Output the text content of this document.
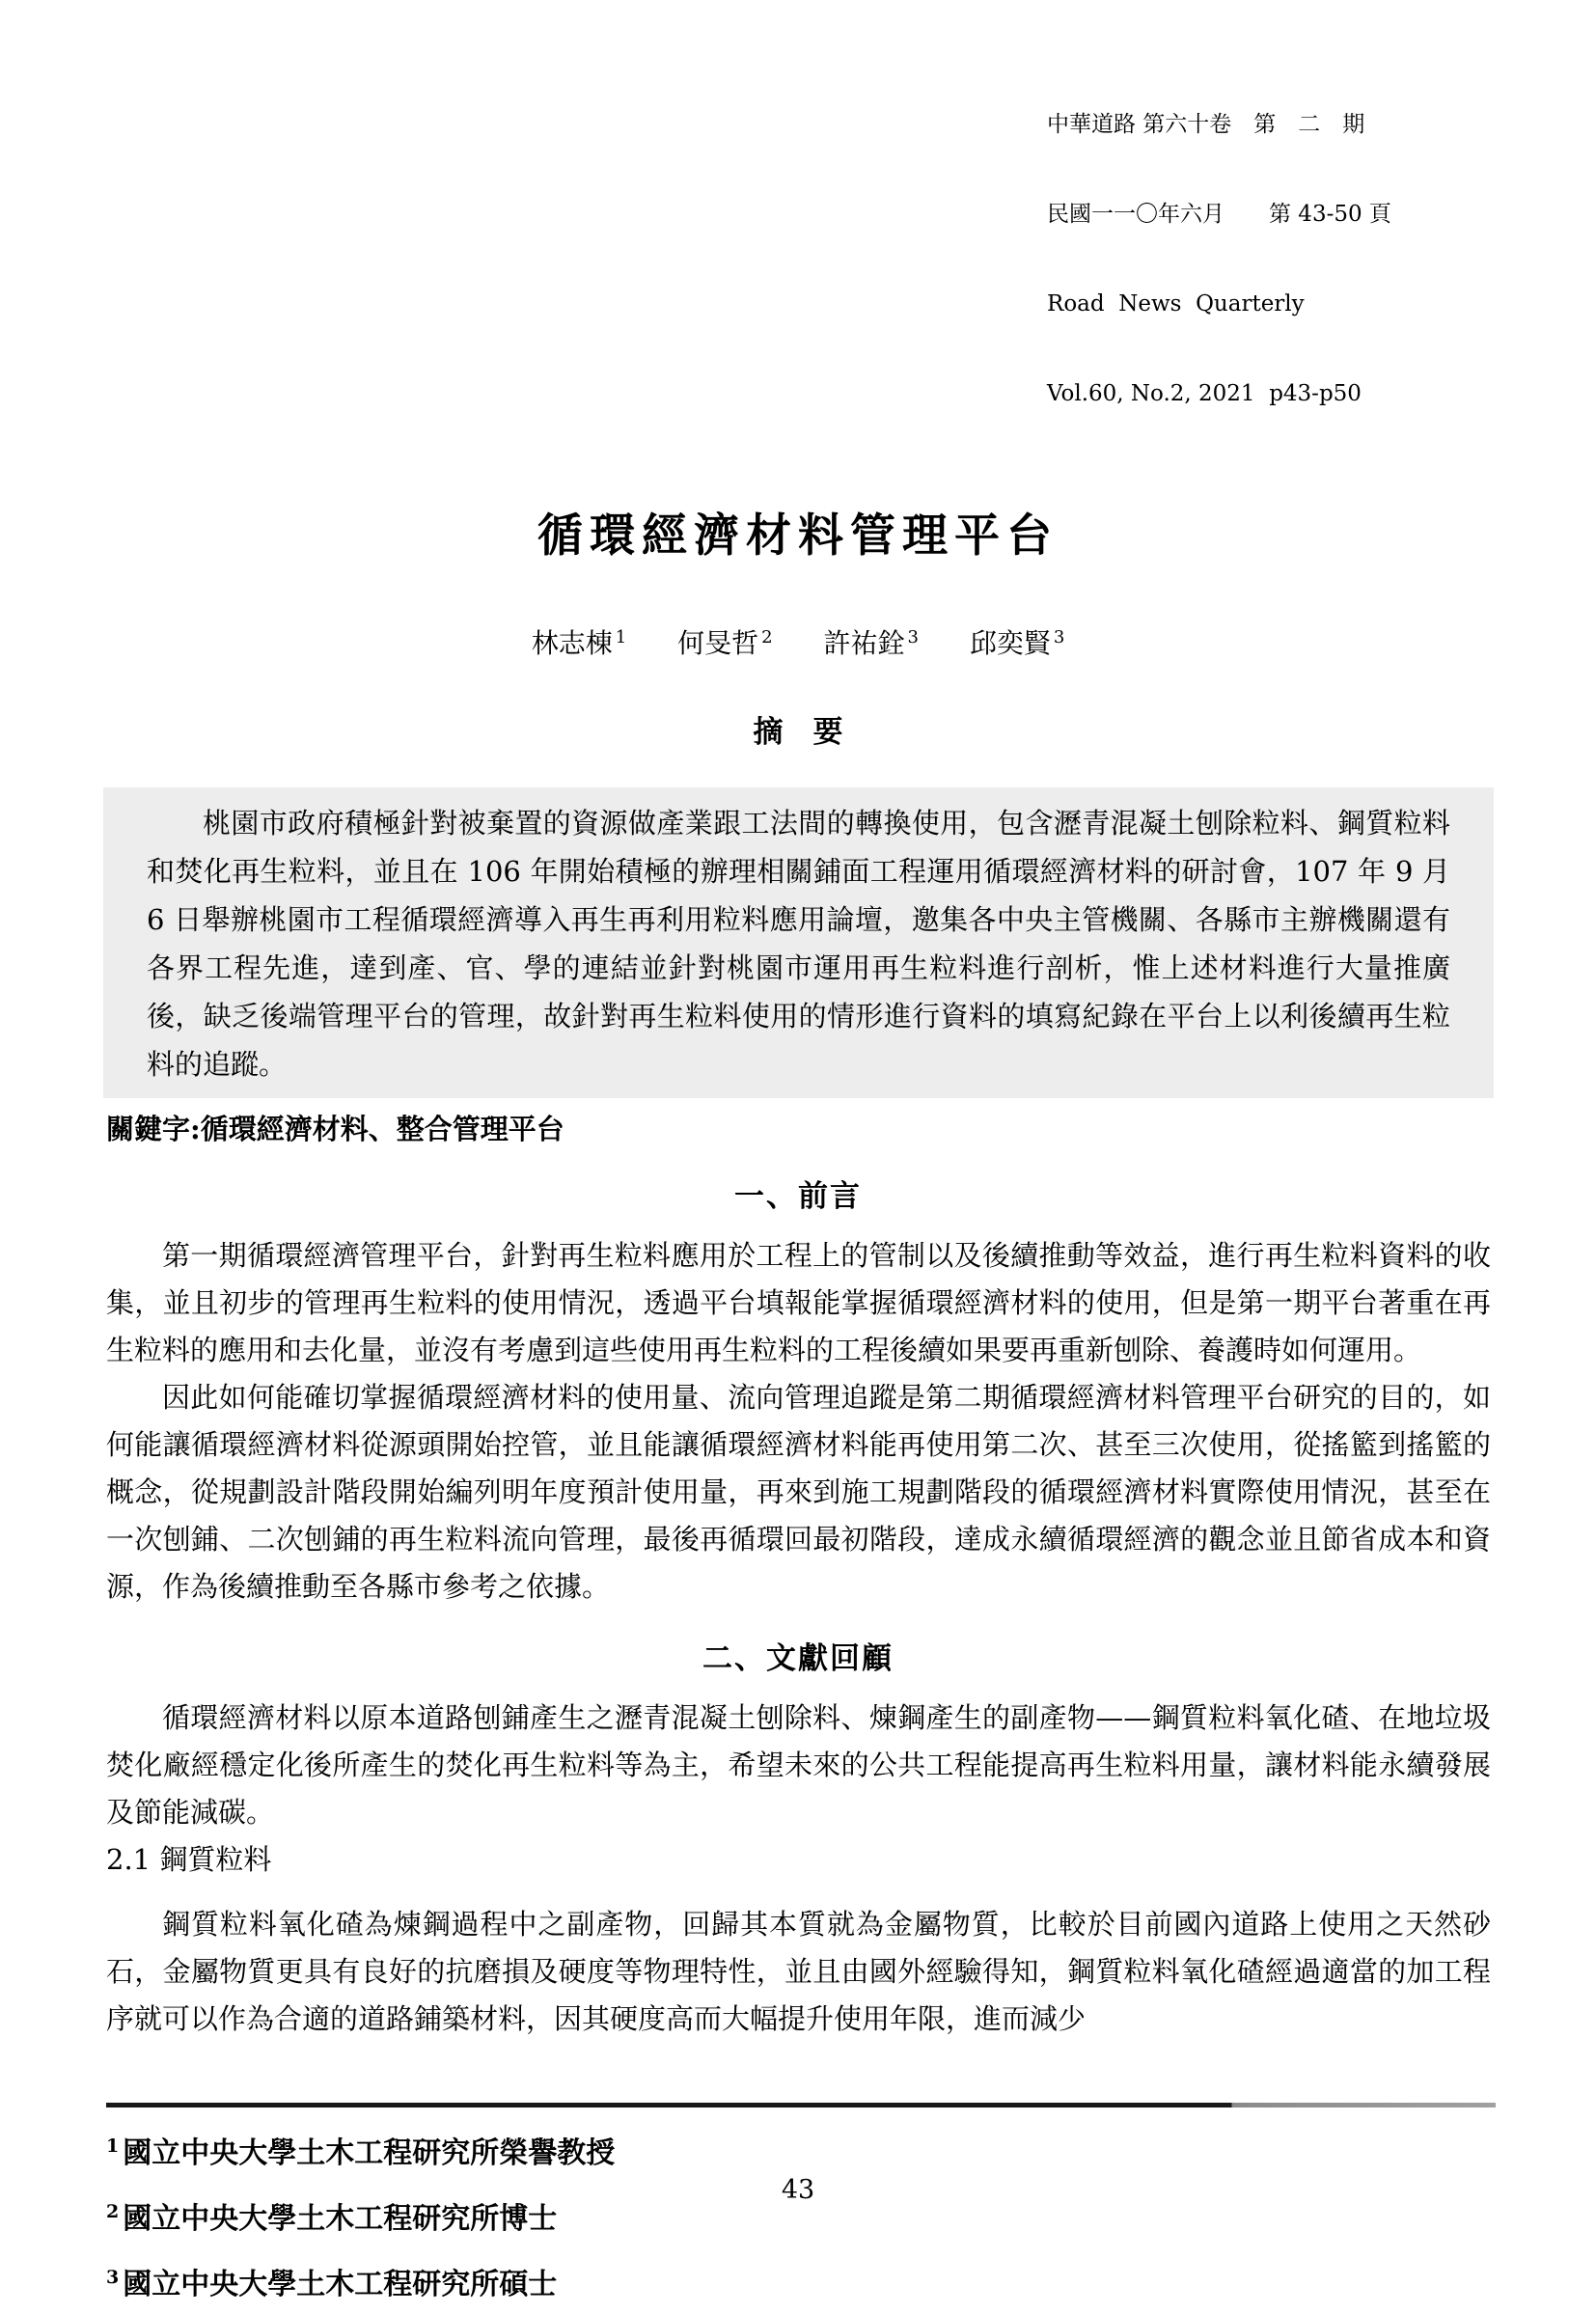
中華道路 第六十卷　第　二　期

民國一一〇年六月　　第 43-50 頁

Road  News  Quarterly

Vol.60, No.2, 2021  p43-p50

循環經濟材料管理平台
林志棟 $^1$ 何旻哲 $^2$ 許祐銓 $^3$ 邱奕賢 $^3$
摘　要
桃園市政府積極針對被棄置的資源做產業跟工法間的轉換使用，包含瀝青混凝土刨除粒料、鋼質粒料和焚化再生粒料，並且在 106 年開始積極的辦理相關鋪面工程運用循環經濟材料的研討會，107 年 9 月 6 日舉辦桃園市工程循環經濟導入再生再利用粒料應用論壇，邀集各中央主管機關、各縣市主辦機關還有各界工程先進，達到產、官、學的連結並針對桃園市運用再生粒料進行剖析，惟上述材料進行大量推廣後，缺乏後端管理平台的管理，故針對再生粒料使用的情形進行資料的填寫紀錄在平台上以利後續再生粒料的追蹤。
關鍵字:循環經濟材料、整合管理平台
一、前言
第一期循環經濟管理平台，針對再生粒料應用於工程上的管制以及後續推動等效益，進行再生粒料資料的收集，並且初步的管理再生粒料的使用情況，透過平台填報能掌握循環經濟材料的使用，但是第一期平台著重在再生粒料的應用和去化量，並沒有考慮到這些使用再生粒料的工程後續如果要再重新刨除、養護時如何運用。
因此如何能確切掌握循環經濟材料的使用量、流向管理追蹤是第二期循環經濟材料管理平台研究的目的，如何能讓循環經濟材料從源頭開始控管，並且能讓循環經濟材料能再使用第二次、甚至三次使用，從搖籃到搖籃的概念，從規劃設計階段開始編列明年度預計使用量，再來到施工規劃階段的循環經濟材料實際使用情況，甚至在一次刨鋪、二次刨鋪的再生粒料流向管理，最後再循環回最初階段，達成永續循環經濟的觀念並且節省成本和資源，作為後續推動至各縣市參考之依據。
二、文獻回顧
循環經濟材料以原本道路刨鋪產生之瀝青混凝土刨除料、煉鋼產生的副產物——鋼質粒料氧化碴、在地垃圾焚化廠經穩定化後所產生的焚化再生粒料等為主，希望未來的公共工程能提高再生粒料用量，讓材料能永續發展及節能減碳。
2.1 鋼質粒料
鋼質粒料氧化碴為煉鋼過程中之副產物，回歸其本質就為金屬物質，比較於目前國內道路上使用之天然砂石，金屬物質更具有良好的抗磨損及硬度等物理特性，並且由國外經驗得知，鋼質粒料氧化碴經過適當的加工程序就可以作為合適的道路鋪築材料，因其硬度高而大幅提升使用年限，進而減少
$^1$ 國立中央大學土木工程研究所榮譽教授
$^2$ 國立中央大學土木工程研究所博士
$^3$ 國立中央大學土木工程研究所碩士
43
